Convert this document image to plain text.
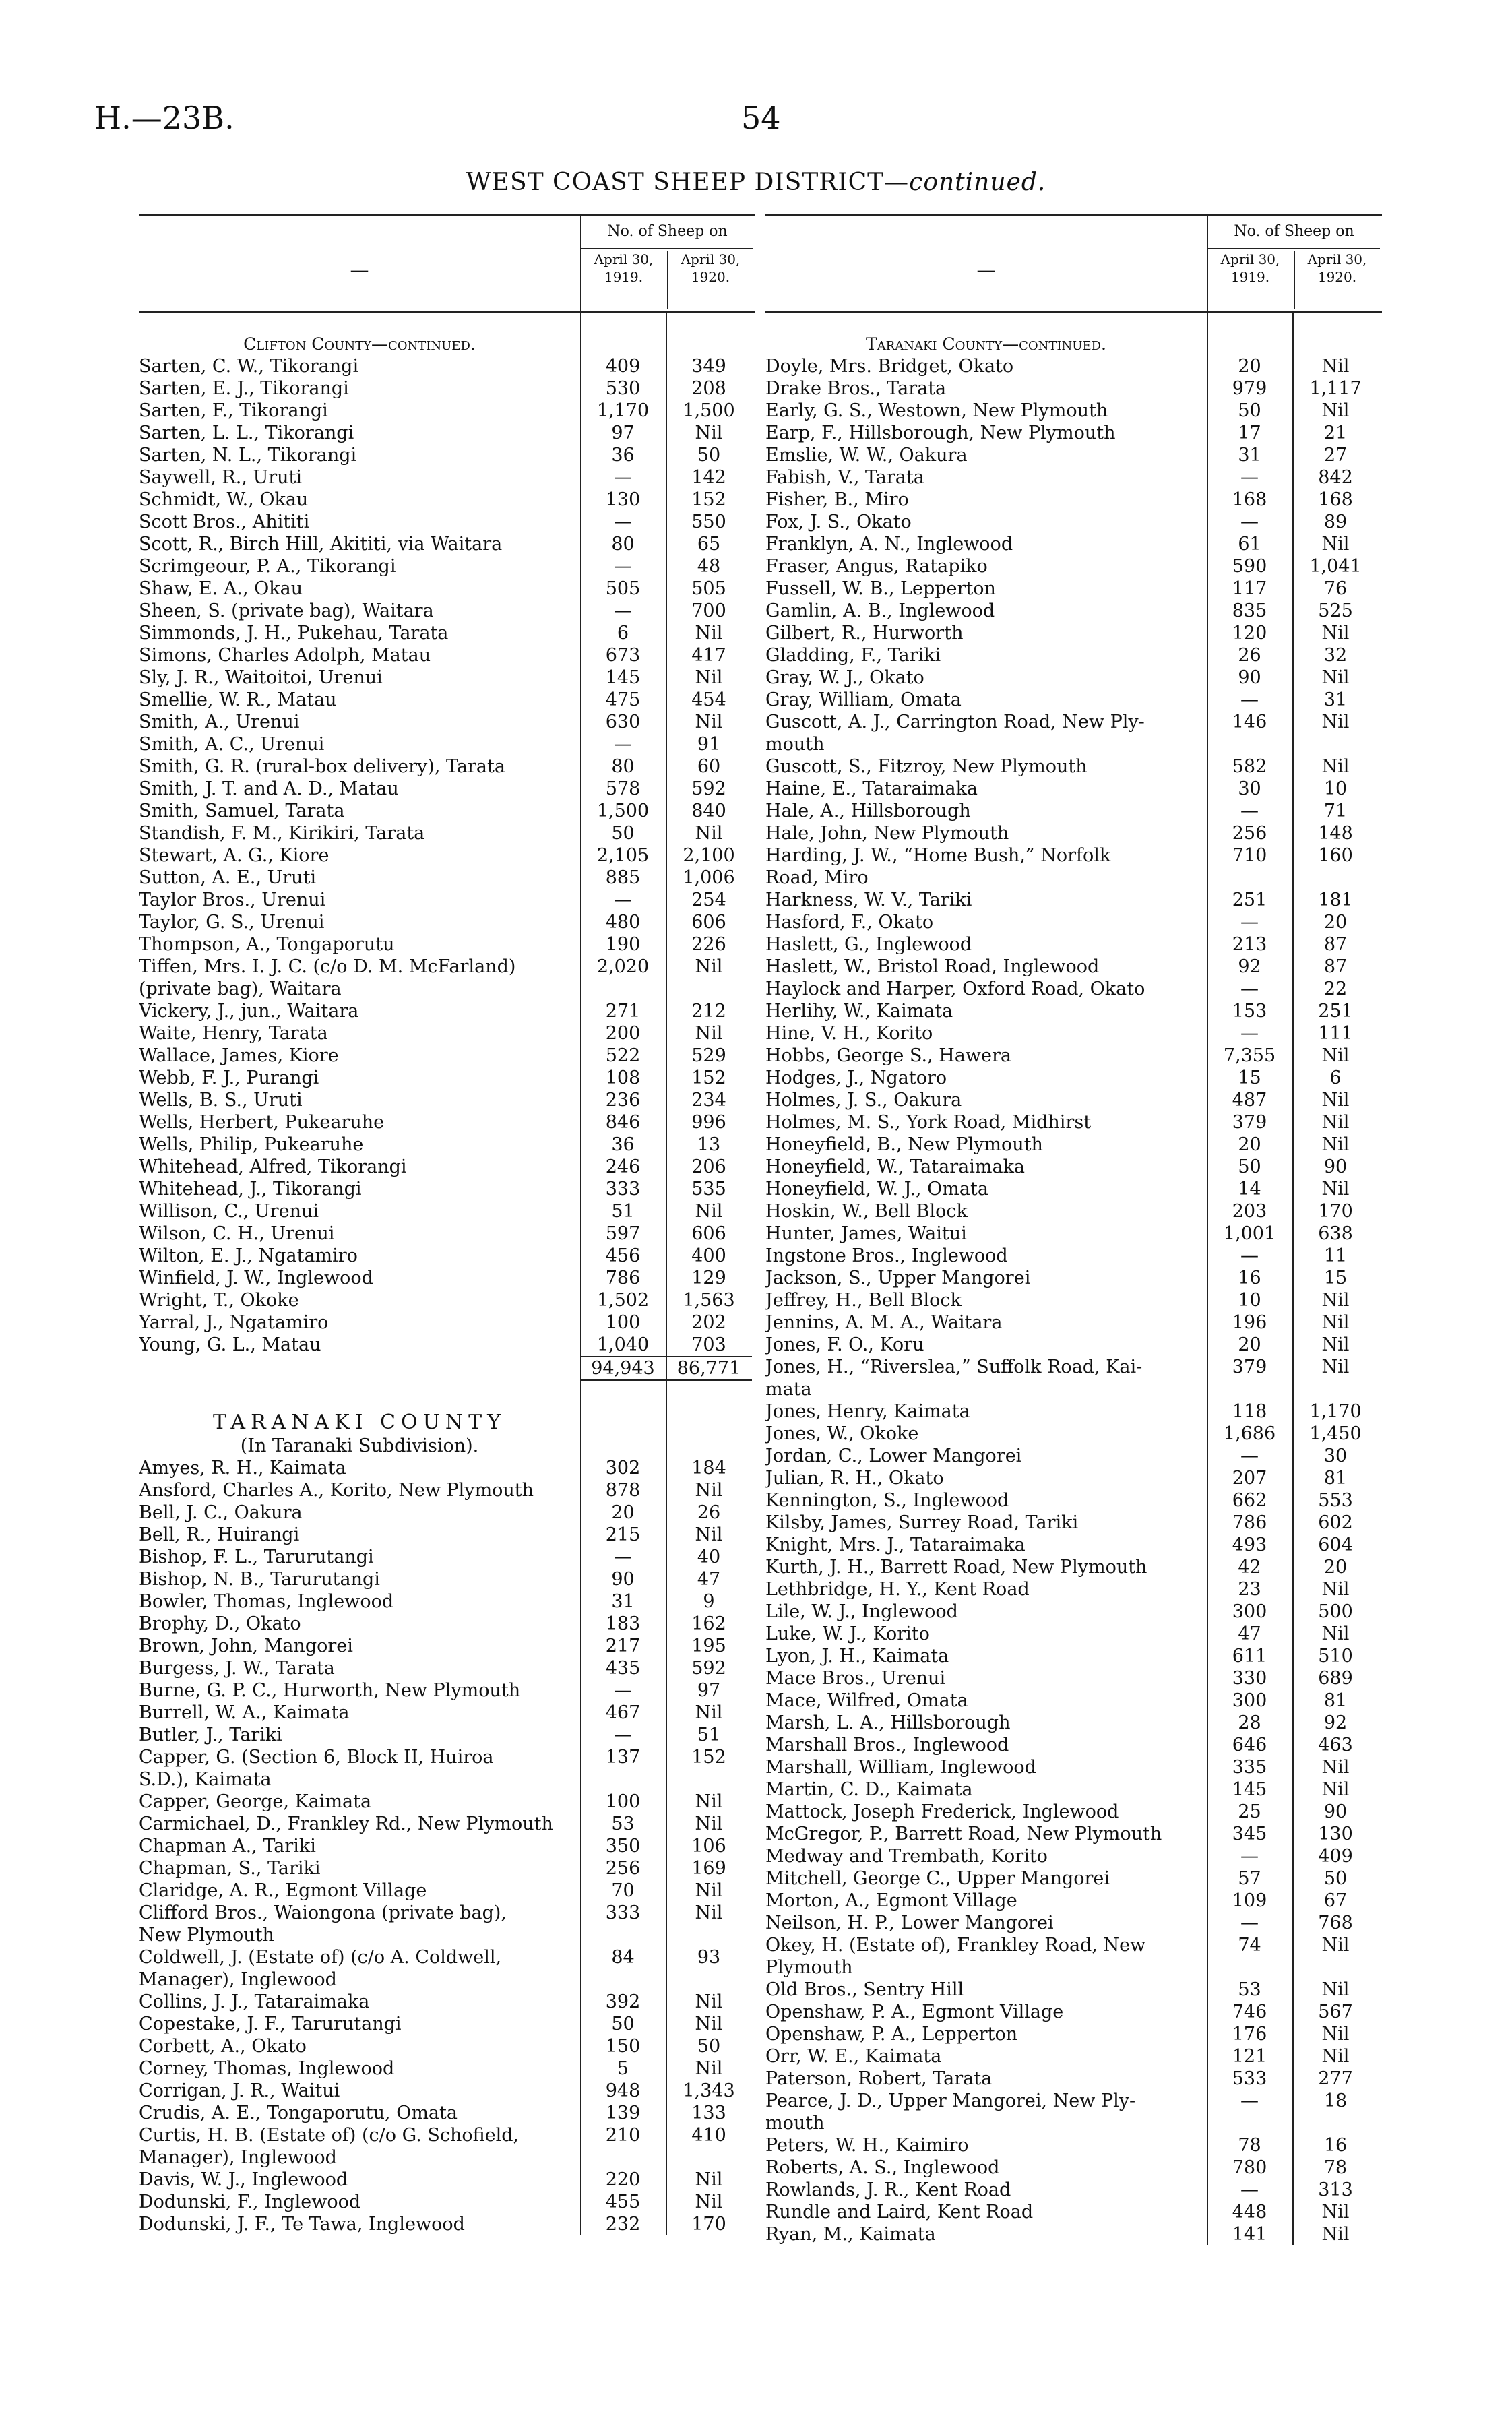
H.—23B.	54
WEST COAST SHEEP DISTRICT—continued.
—
No. of Sheep on
April 30, 1919.
April 30, 1920.
Clifton County—continued.
Sarten, C. W., Tikorangi	409	349
Sarten, E. J., Tikorangi	530	208
Sarten, F., Tikorangi	1,170	1,500
Sarten, L. L., Tikorangi	97	Nil
Sarten, N. L., Tikorangi	36	50
Saywell, R., Uruti	—	142
Schmidt, W., Okau	130	152
Scott Bros., Ahititi	—	550
Scott, R., Birch Hill, Akititi, via Waitara	80	65
Scrimgeour, P. A., Tikorangi	—	48
Shaw, E. A., Okau	505	505
Sheen, S. (private bag), Waitara	—	700
Simmonds, J. H., Pukehau, Tarata	6	Nil
Simons, Charles Adolph, Matau	673	417
Sly, J. R., Waitoitoi, Urenui	145	Nil
Smellie, W. R., Matau	475	454
Smith, A., Urenui	630	Nil
Smith, A. C., Urenui	—	91
Smith, G. R. (rural-box delivery), Tarata	80	60
Smith, J. T. and A. D., Matau	578	592
Smith, Samuel, Tarata	1,500	840
Standish, F. M., Kirikiri, Tarata	50	Nil
Stewart, A. G., Kiore	2,105	2,100
Sutton, A. E., Uruti	885	1,006
Taylor Bros., Urenui	—	254
Taylor, G. S., Urenui	480	606
Thompson, A., Tongaporutu	190	226
Tiffen, Mrs. I. J. C. (c/o D. M. McFarland)	2,020	Nil
(private bag), Waitara
Vickery, J., jun., Waitara	271	212
Waite, Henry, Tarata	200	Nil
Wallace, James, Kiore	522	529
Webb, F. J., Purangi	108	152
Wells, B. S., Uruti	236	234
Wells, Herbert, Pukearuhe	846	996
Wells, Philip, Pukearuhe	36	13
Whitehead, Alfred, Tikorangi	246	206
Whitehead, J., Tikorangi	333	535
Willison, C., Urenui	51	Nil
Wilson, C. H., Urenui	597	606
Wilton, E. J., Ngatamiro	456	400
Winfield, J. W., Inglewood	786	129
Wright, T., Okoke	1,502	1,563
Yarral, J., Ngatamiro	100	202
Young, G. L., Matau	1,040	703
94,943	86,771
TARANAKI COUNTY
(In Taranaki Subdivision).
Amyes, R. H., Kaimata	302	184
Ansford, Charles A., Korito, New Plymouth	878	Nil
Bell, J. C., Oakura	20	26
Bell, R., Huirangi	215	Nil
Bishop, F. L., Tarurutangi	—	40
Bishop, N. B., Tarurutangi	90	47
Bowler, Thomas, Inglewood	31	9
Brophy, D., Okato	183	162
Brown, John, Mangorei	217	195
Burgess, J. W., Tarata	435	592
Burne, G. P. C., Hurworth, New Plymouth	—	97
Burrell, W. A., Kaimata	467	Nil
Butler, J., Tariki	—	51
Capper, G. (Section 6, Block II, Huiroa	137	152
S.D.), Kaimata
Capper, George, Kaimata	100	Nil
Carmichael, D., Frankley Rd., New Plymouth	53	Nil
Chapman A., Tariki	350	106
Chapman, S., Tariki	256	169
Claridge, A. R., Egmont Village	70	Nil
Clifford Bros., Waiongona (private bag),	333	Nil
New Plymouth
Coldwell, J. (Estate of) (c/o A. Coldwell,	84	93
Manager), Inglewood
Collins, J. J., Tataraimaka	392	Nil
Copestake, J. F., Tarurutangi	50	Nil
Corbett, A., Okato	150	50
Corney, Thomas, Inglewood	5	Nil
Corrigan, J. R., Waitui	948	1,343
Crudis, A. E., Tongaporutu, Omata	139	133
Curtis, H. B. (Estate of) (c/o G. Schofield,	210	410
Manager), Inglewood
Davis, W. J., Inglewood	220	Nil
Dodunski, F., Inglewood	455	Nil
Dodunski, J. F., Te Tawa, Inglewood	232	170
—
No. of Sheep on
April 30, 1919.
April 30, 1920.
Taranaki County—continued.
Doyle, Mrs. Bridget, Okato	20	Nil
Drake Bros., Tarata	979	1,117
Early, G. S., Westown, New Plymouth	50	Nil
Earp, F., Hillsborough, New Plymouth	17	21
Emslie, W. W., Oakura	31	27
Fabish, V., Tarata	—	842
Fisher, B., Miro	168	168
Fox, J. S., Okato	—	89
Franklyn, A. N., Inglewood	61	Nil
Fraser, Angus, Ratapiko	590	1,041
Fussell, W. B., Lepperton	117	76
Gamlin, A. B., Inglewood	835	525
Gilbert, R., Hurworth	120	Nil
Gladding, F., Tariki	26	32
Gray, W. J., Okato	90	Nil
Gray, William, Omata	—	31
Guscott, A. J., Carrington Road, New Ply-	146	Nil
mouth
Guscott, S., Fitzroy, New Plymouth	582	Nil
Haine, E., Tataraimaka	30	10
Hale, A., Hillsborough	—	71
Hale, John, New Plymouth	256	148
Harding, J. W., “Home Bush,” Norfolk	710	160
Road, Miro
Harkness, W. V., Tariki	251	181
Hasford, F., Okato	—	20
Haslett, G., Inglewood	213	87
Haslett, W., Bristol Road, Inglewood	92	87
Haylock and Harper, Oxford Road, Okato	—	22
Herlihy, W., Kaimata	153	251
Hine, V. H., Korito	—	111
Hobbs, George S., Hawera	7,355	Nil
Hodges, J., Ngatoro	15	6
Holmes, J. S., Oakura	487	Nil
Holmes, M. S., York Road, Midhirst	379	Nil
Honeyfield, B., New Plymouth	20	Nil
Honeyfield, W., Tataraimaka	50	90
Honeyfield, W. J., Omata	14	Nil
Hoskin, W., Bell Block	203	170
Hunter, James, Waitui	1,001	638
Ingstone Bros., Inglewood	—	11
Jackson, S., Upper Mangorei	16	15
Jeffrey, H., Bell Block	10	Nil
Jennins, A. M. A., Waitara	196	Nil
Jones, F. O., Koru	20	Nil
Jones, H., “Riverslea,” Suffolk Road, Kai-	379	Nil
mata
Jones, Henry, Kaimata	118	1,170
Jones, W., Okoke	1,686	1,450
Jordan, C., Lower Mangorei	—	30
Julian, R. H., Okato	207	81
Kennington, S., Inglewood	662	553
Kilsby, James, Surrey Road, Tariki	786	602
Knight, Mrs. J., Tataraimaka	493	604
Kurth, J. H., Barrett Road, New Plymouth	42	20
Lethbridge, H. Y., Kent Road	23	Nil
Lile, W. J., Inglewood	300	500
Luke, W. J., Korito	47	Nil
Lyon, J. H., Kaimata	611	510
Mace Bros., Urenui	330	689
Mace, Wilfred, Omata	300	81
Marsh, L. A., Hillsborough	28	92
Marshall Bros., Inglewood	646	463
Marshall, William, Inglewood	335	Nil
Martin, C. D., Kaimata	145	Nil
Mattock, Joseph Frederick, Inglewood	25	90
McGregor, P., Barrett Road, New Plymouth	345	130
Medway and Trembath, Korito	—	409
Mitchell, George C., Upper Mangorei	57	50
Morton, A., Egmont Village	109	67
Neilson, H. P., Lower Mangorei	—	768
Okey, H. (Estate of), Frankley Road, New	74	Nil
Plymouth
Old Bros., Sentry Hill	53	Nil
Openshaw, P. A., Egmont Village	746	567
Openshaw, P. A., Lepperton	176	Nil
Orr, W. E., Kaimata	121	Nil
Paterson, Robert, Tarata	533	277
Pearce, J. D., Upper Mangorei, New Ply-	—	18
mouth
Peters, W. H., Kaimiro	78	16
Roberts, A. S., Inglewood	780	78
Rowlands, J. R., Kent Road	—	313
Rundle and Laird, Kent Road	448	Nil
Ryan, M., Kaimata	141	Nil
